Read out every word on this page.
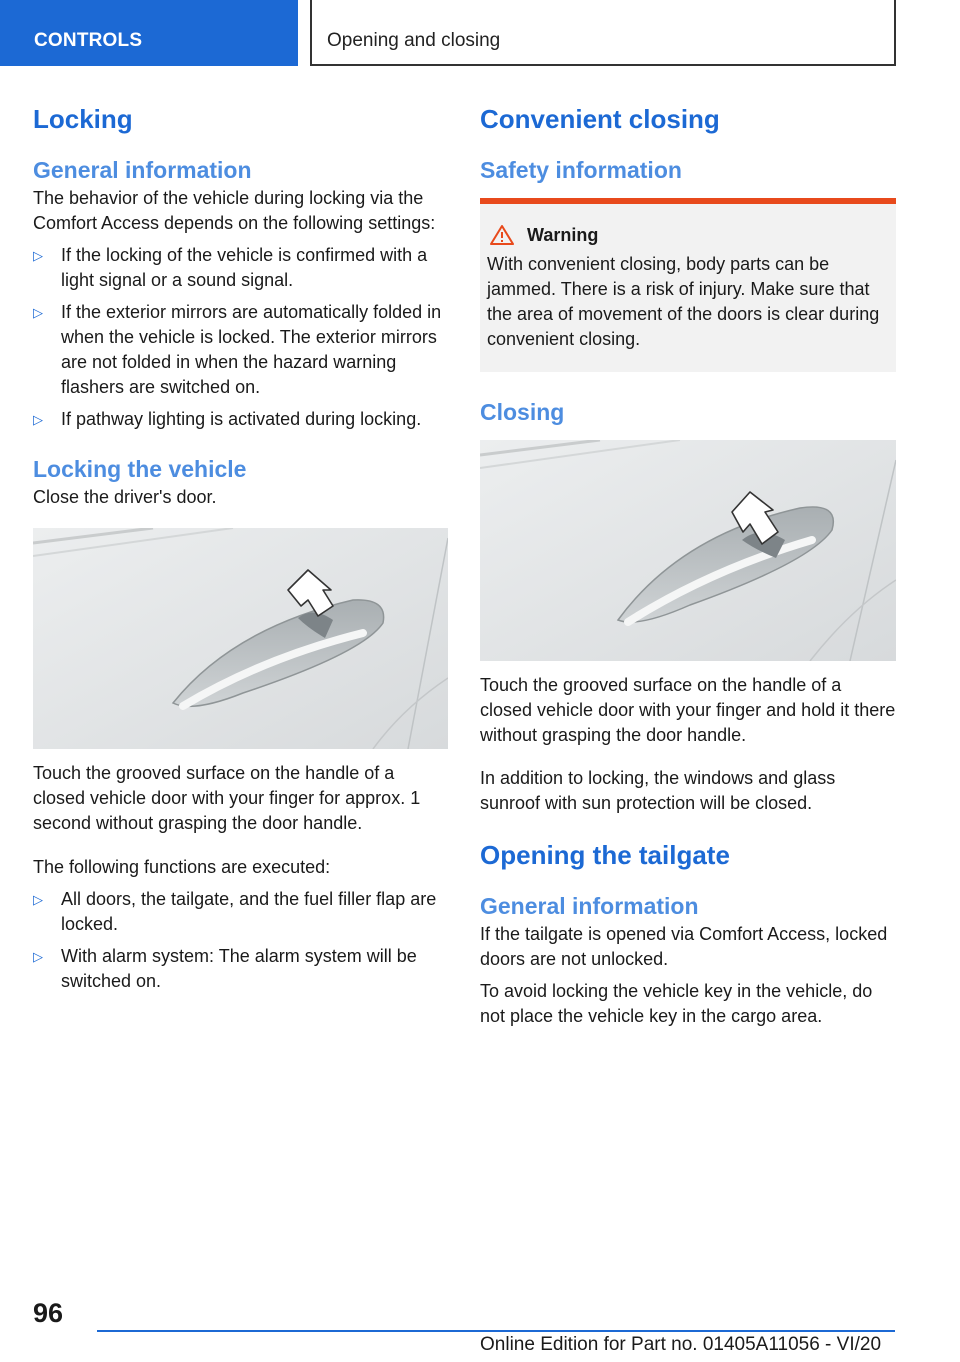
CONTROLS	Opening and closing
Locking
General information

The behavior of the vehicle during locking via the Comfort Access depends on the following settings:

▷ If the locking of the vehicle is confirmed with a light signal or a sound signal.
▷ If the exterior mirrors are automatically folded in when the vehicle is locked. The exterior mirrors are not folded in when the hazard warning flashers are switched on.
▷ If pathway lighting is activated during locking.
Locking the vehicle

Close the driver's door.

Touch the grooved surface on the handle of a closed vehicle door with your finger for approx. 1 second without grasping the door handle.

The following functions are executed:

▷ All doors, the tailgate, and the fuel filler flap are locked.
▷ With alarm system: The alarm system will be switched on.
Convenient closing
Safety information
Warning

With convenient closing, body parts can be jammed. There is a risk of injury. Make sure that the area of movement of the doors is clear during convenient closing.

Closing

Touch the grooved surface on the handle of a closed vehicle door with your finger and hold it there without grasping the door handle.

In addition to locking, the windows and glass sunroof with sun protection will be closed.

Opening the tailgate
General information

If the tailgate is opened via Comfort Access, locked doors are not unlocked.

To avoid locking the vehicle key in the vehicle, do not place the vehicle key in the cargo area.

96
Online Edition for Part no. 01405A11056 - VI/20
